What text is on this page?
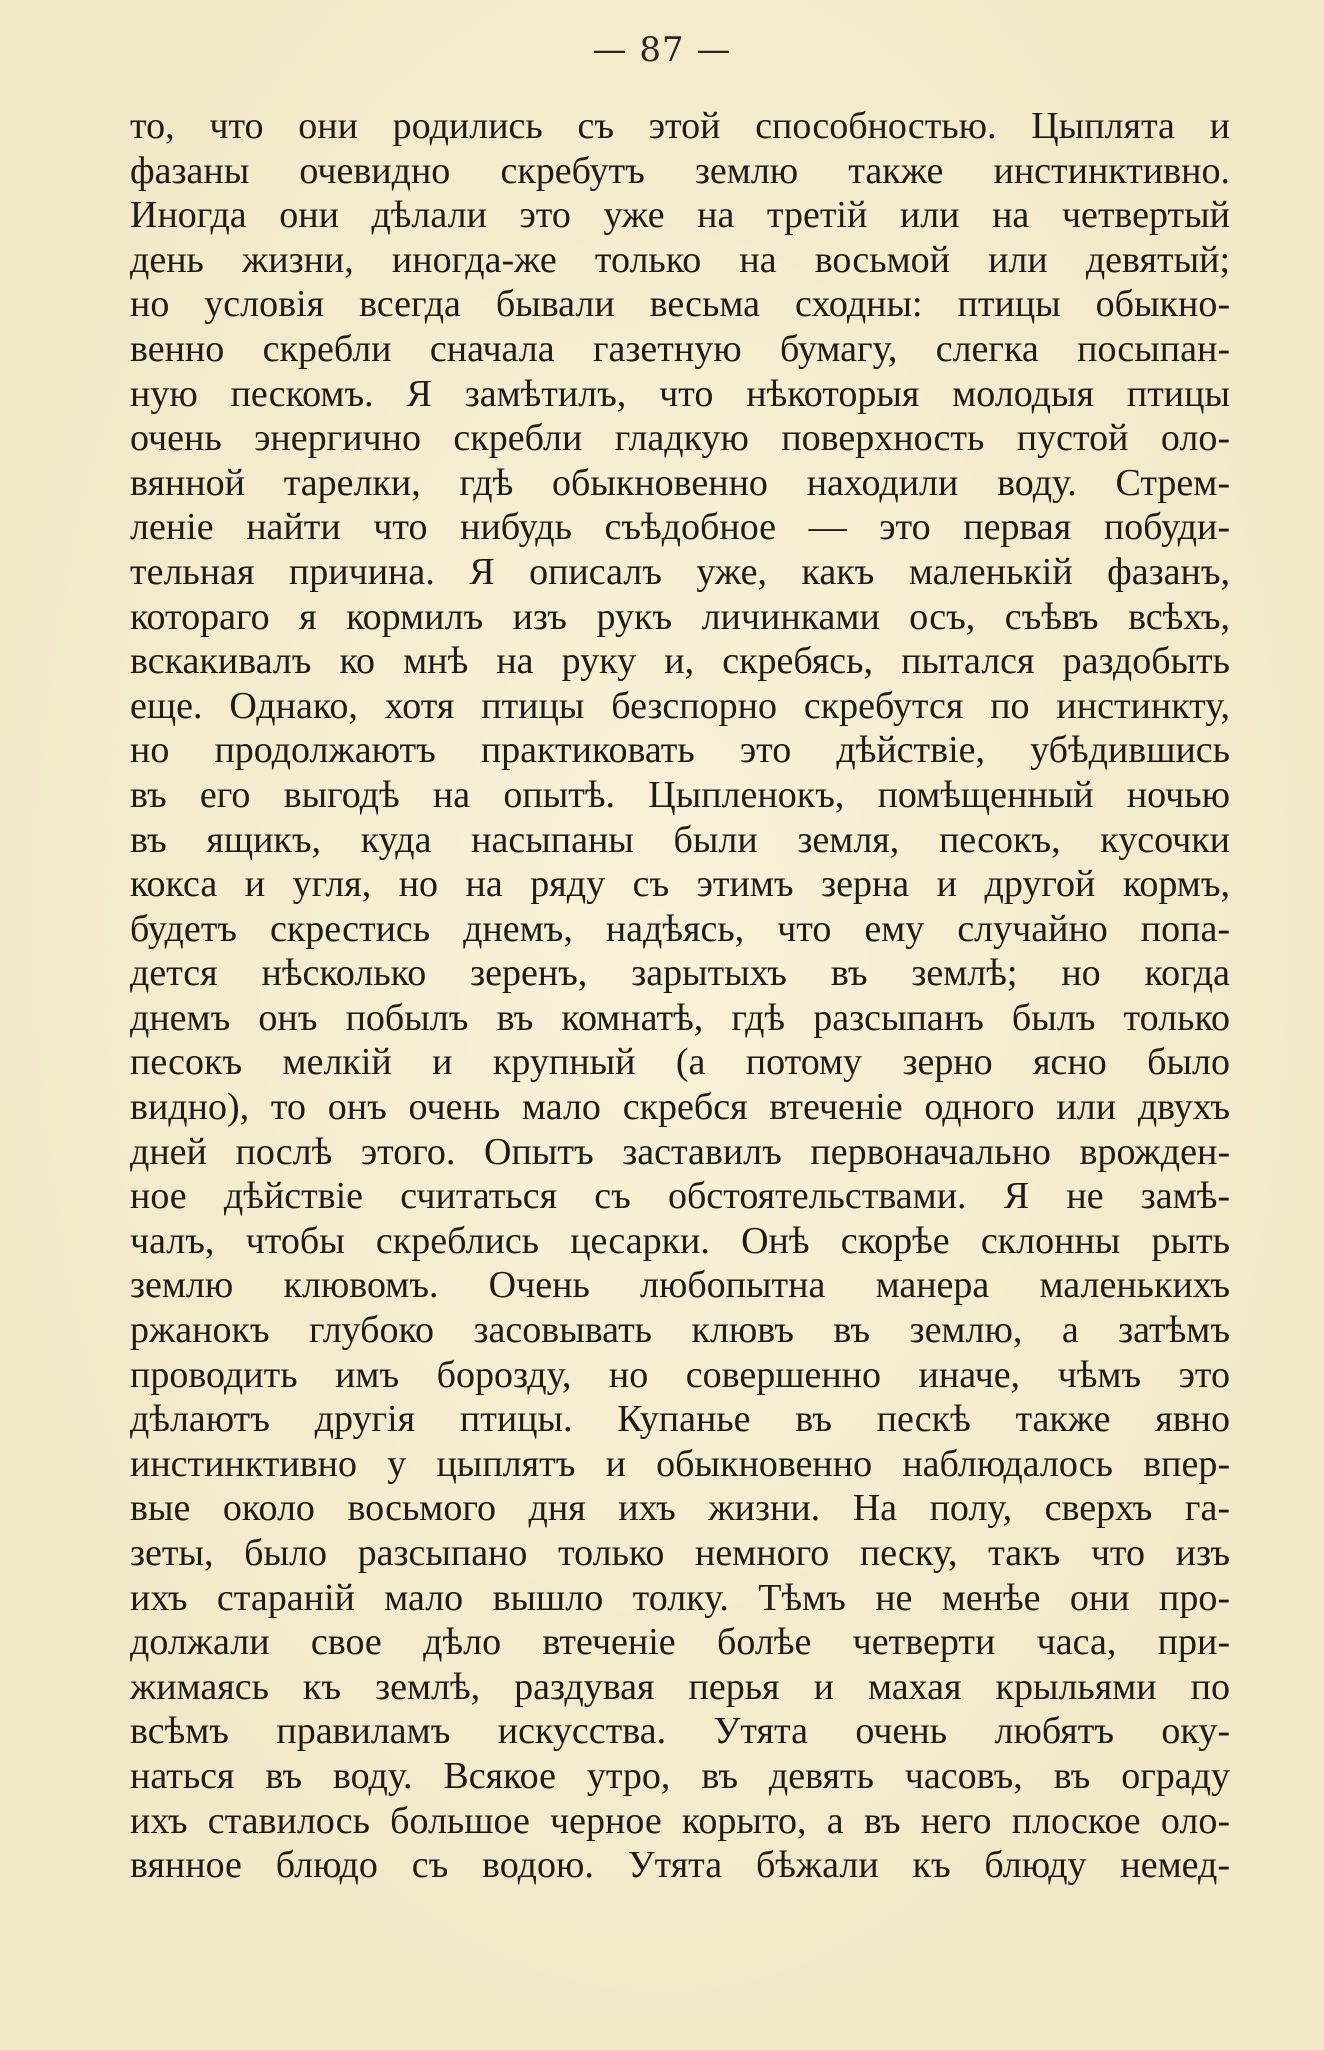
— 87 —
то, что они родились съ этой способностью. Цыплята и
фазаны очевидно скребутъ землю также инстинктивно.
Иногда они дѣлали это уже на третій или на четвертый
день жизни, иногда-же только на восьмой или девятый;
но условія всегда бывали весьма сходны: птицы обыкно-
венно скребли сначала газетную бумагу, слегка посыпан-
ную пескомъ. Я замѣтилъ, что нѣкоторыя молодыя птицы
очень энергично скребли гладкую поверхность пустой оло-
вянной тарелки, гдѣ обыкновенно находили воду. Стрем-
леніе найти что нибудь съѣдобное — это первая побуди-
тельная причина. Я описалъ уже, какъ маленькій фазанъ,
котораго я кормилъ изъ рукъ личинками осъ, съѣвъ всѣхъ,
вскакивалъ ко мнѣ на руку и, скребясь, пытался раздобыть
еще. Однако, хотя птицы безспорно скребутся по инстинкту,
но продолжаютъ практиковать это дѣйствіе, убѣдившись
въ его выгодѣ на опытѣ. Цыпленокъ, помѣщенный ночью
въ ящикъ, куда насыпаны были земля, песокъ, кусочки
кокса и угля, но на ряду съ этимъ зерна и другой кормъ,
будетъ скрестись днемъ, надѣясь, что ему случайно попа-
дется нѣсколько зеренъ, зарытыхъ въ землѣ; но когда
днемъ онъ побылъ въ комнатѣ, гдѣ разсыпанъ былъ только
песокъ мелкій и крупный (а потому зерно ясно было
видно), то онъ очень мало скребся втеченіе одного или двухъ
дней послѣ этого. Опытъ заставилъ первоначально врожден-
ное дѣйствіе считаться съ обстоятельствами. Я не замѣ-
чалъ, чтобы скреблись цесарки. Онѣ скорѣе склонны рыть
землю клювомъ. Очень любопытна манера маленькихъ
ржанокъ глубоко засовывать клювъ въ землю, а затѣмъ
проводить имъ борозду, но совершенно иначе, чѣмъ это
дѣлаютъ другія птицы. Купанье въ пескѣ также явно
инстинктивно у цыплятъ и обыкновенно наблюдалось впер-
вые около восьмого дня ихъ жизни. На полу, сверхъ га-
зеты, было разсыпано только немного песку, такъ что изъ
ихъ стараній мало вышло толку. Тѣмъ не менѣе они про-
должали свое дѣло втеченіе болѣе четверти часа, при-
жимаясь къ землѣ, раздувая перья и махая крыльями по
всѣмъ правиламъ искусства. Утята очень любятъ оку-
наться въ воду. Всякое утро, въ девять часовъ, въ ограду
ихъ ставилось большое черное корыто, а въ него плоское оло-
вянное блюдо съ водою. Утята бѣжали къ блюду немед-
